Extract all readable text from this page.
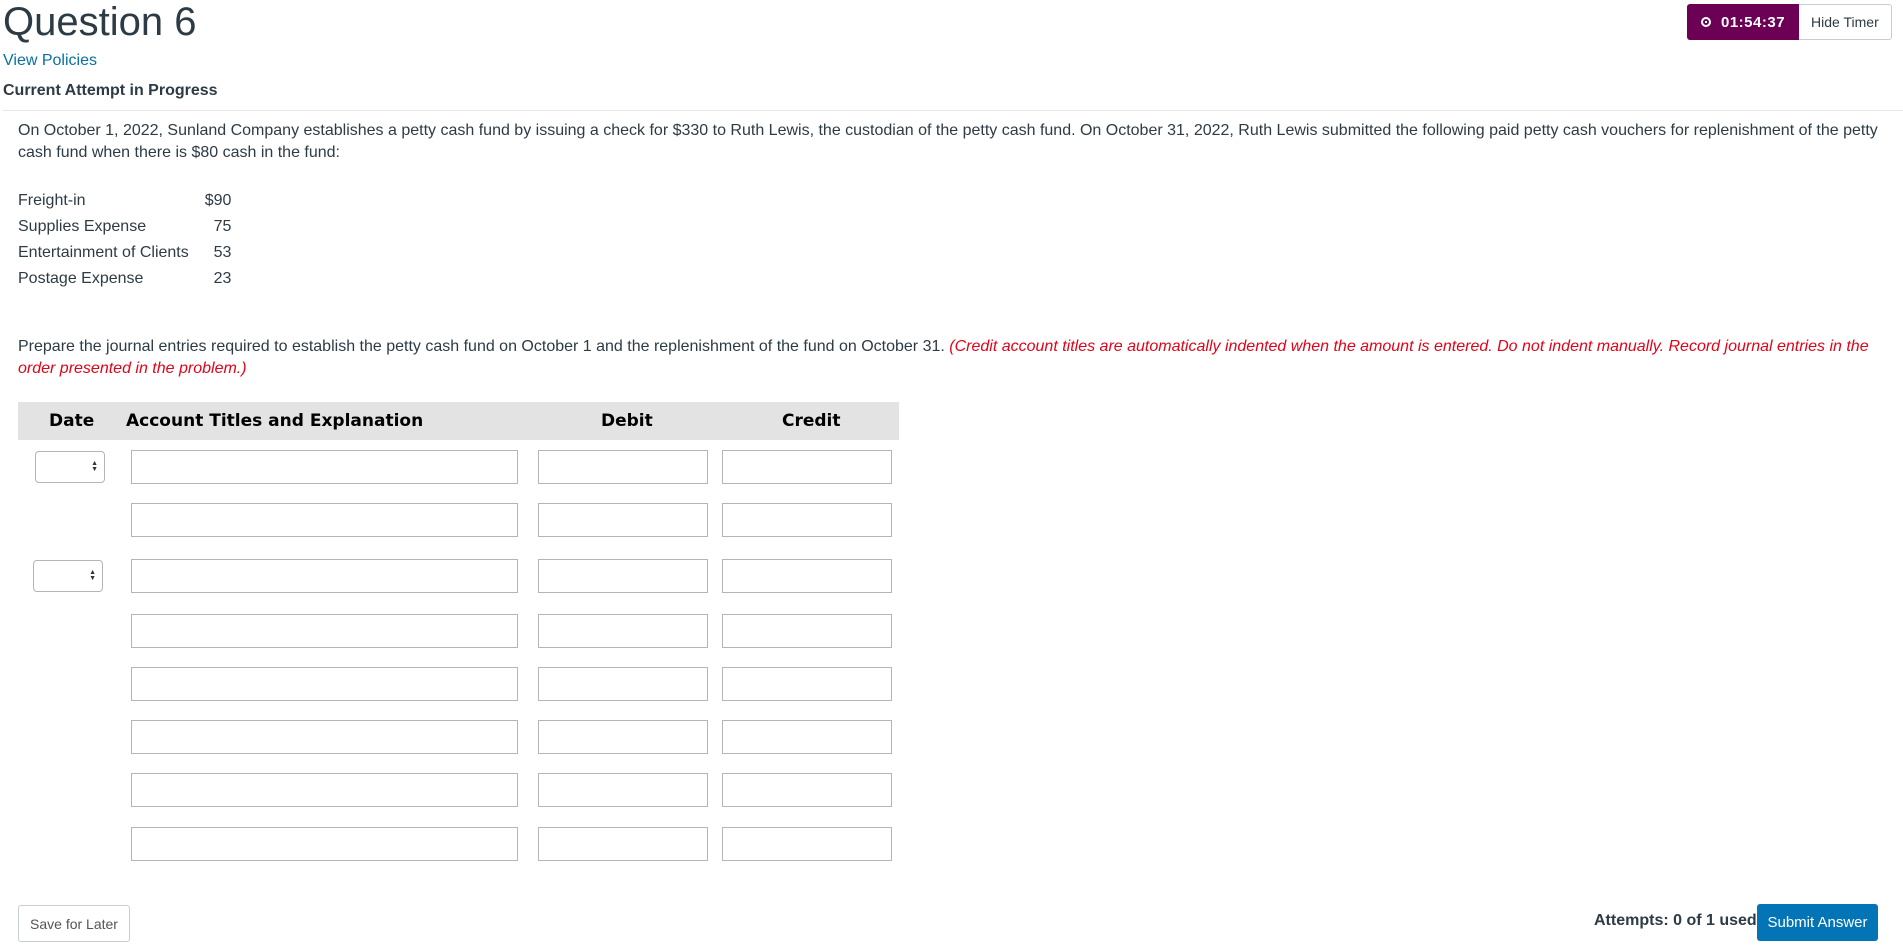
Question 6
View Policies
Current Attempt in Progress
01:54:37	Hide Timer
On October 1, 2022, Sunland Company establishes a petty cash fund by issuing a check for $330 to Ruth Lewis, the custodian of the petty cash fund. On October 31, 2022, Ruth Lewis submitted the following paid petty cash vouchers for replenishment of the petty cash fund when there is $80 cash in the fund:
Freight-in	$90
Supplies Expense	75
Entertainment of Clients	53
Postage Expense	23
Prepare the journal entries required to establish the petty cash fund on October 1 and the replenishment of the fund on October 31. (Credit account titles are automatically indented when the amount is entered. Do not indent manually. Record journal entries in the order presented in the problem.)
Date Account Titles and Explanation	Debit	Credit
▲
▼
▲
▼
Save for Later	Attempts: 0 of 1 used Submit Answer
